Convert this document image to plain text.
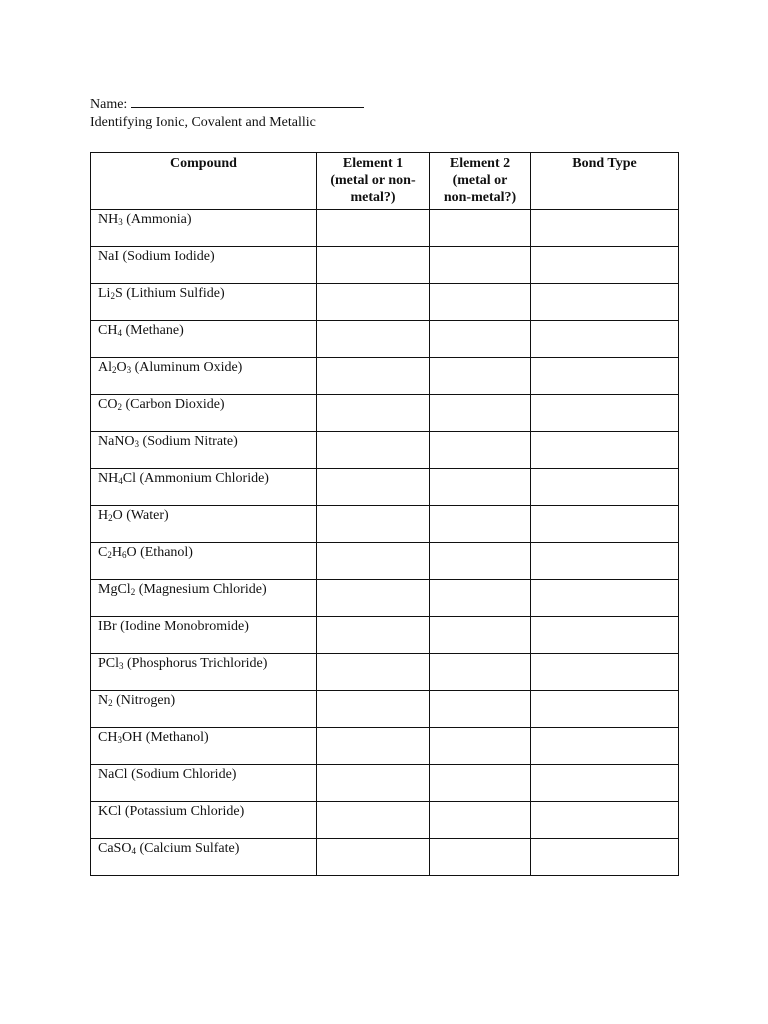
Name:
Identifying Ionic, Covalent and Metallic
Compound	Element 1
(metal or non-
metal?)	Element 2
(metal or
non-metal?)	Bond Type
$NH_3$ (Ammonia)			
NaI (Sodium Iodide)			
$Li_2S$ (Lithium Sulfide)			
$CH_4$ (Methane)			
$Al_2O_3$ (Aluminum Oxide)			
$CO_2$ (Carbon Dioxide)			
NaNO$_3$ (Sodium Nitrate)			
$NH_4Cl$ (Ammonium Chloride)			
$H_2O$ (Water)			
$C_2H_6O$ (Ethanol)			
MgCl$_2$ (Magnesium Chloride)			
IBr (Iodine Monobromide)			
PCl$_3$ (Phosphorus Trichloride)			
$N_2$ (Nitrogen)			
$CH_3OH$ (Methanol)			
NaCl (Sodium Chloride)			
KCl (Potassium Chloride)			
CaSO$_4$ (Calcium Sulfate)			
